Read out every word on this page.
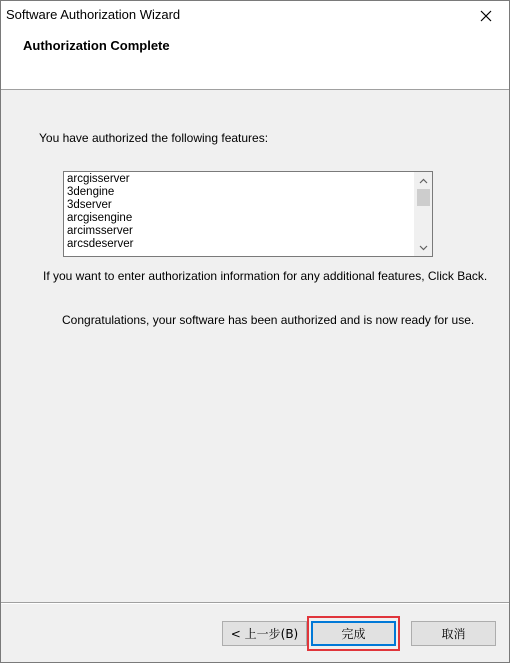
Software Authorization Wizard
Authorization Complete
You have authorized the following features:
arcgisserver
3dengine
3dserver
arcgisengine
arcimsserver
arcsdeserver
If you want to enter authorization information for any additional features, Click Back.
Congratulations, your software has been authorized and is now ready for use.
< 上一步(B)	完成	取消
